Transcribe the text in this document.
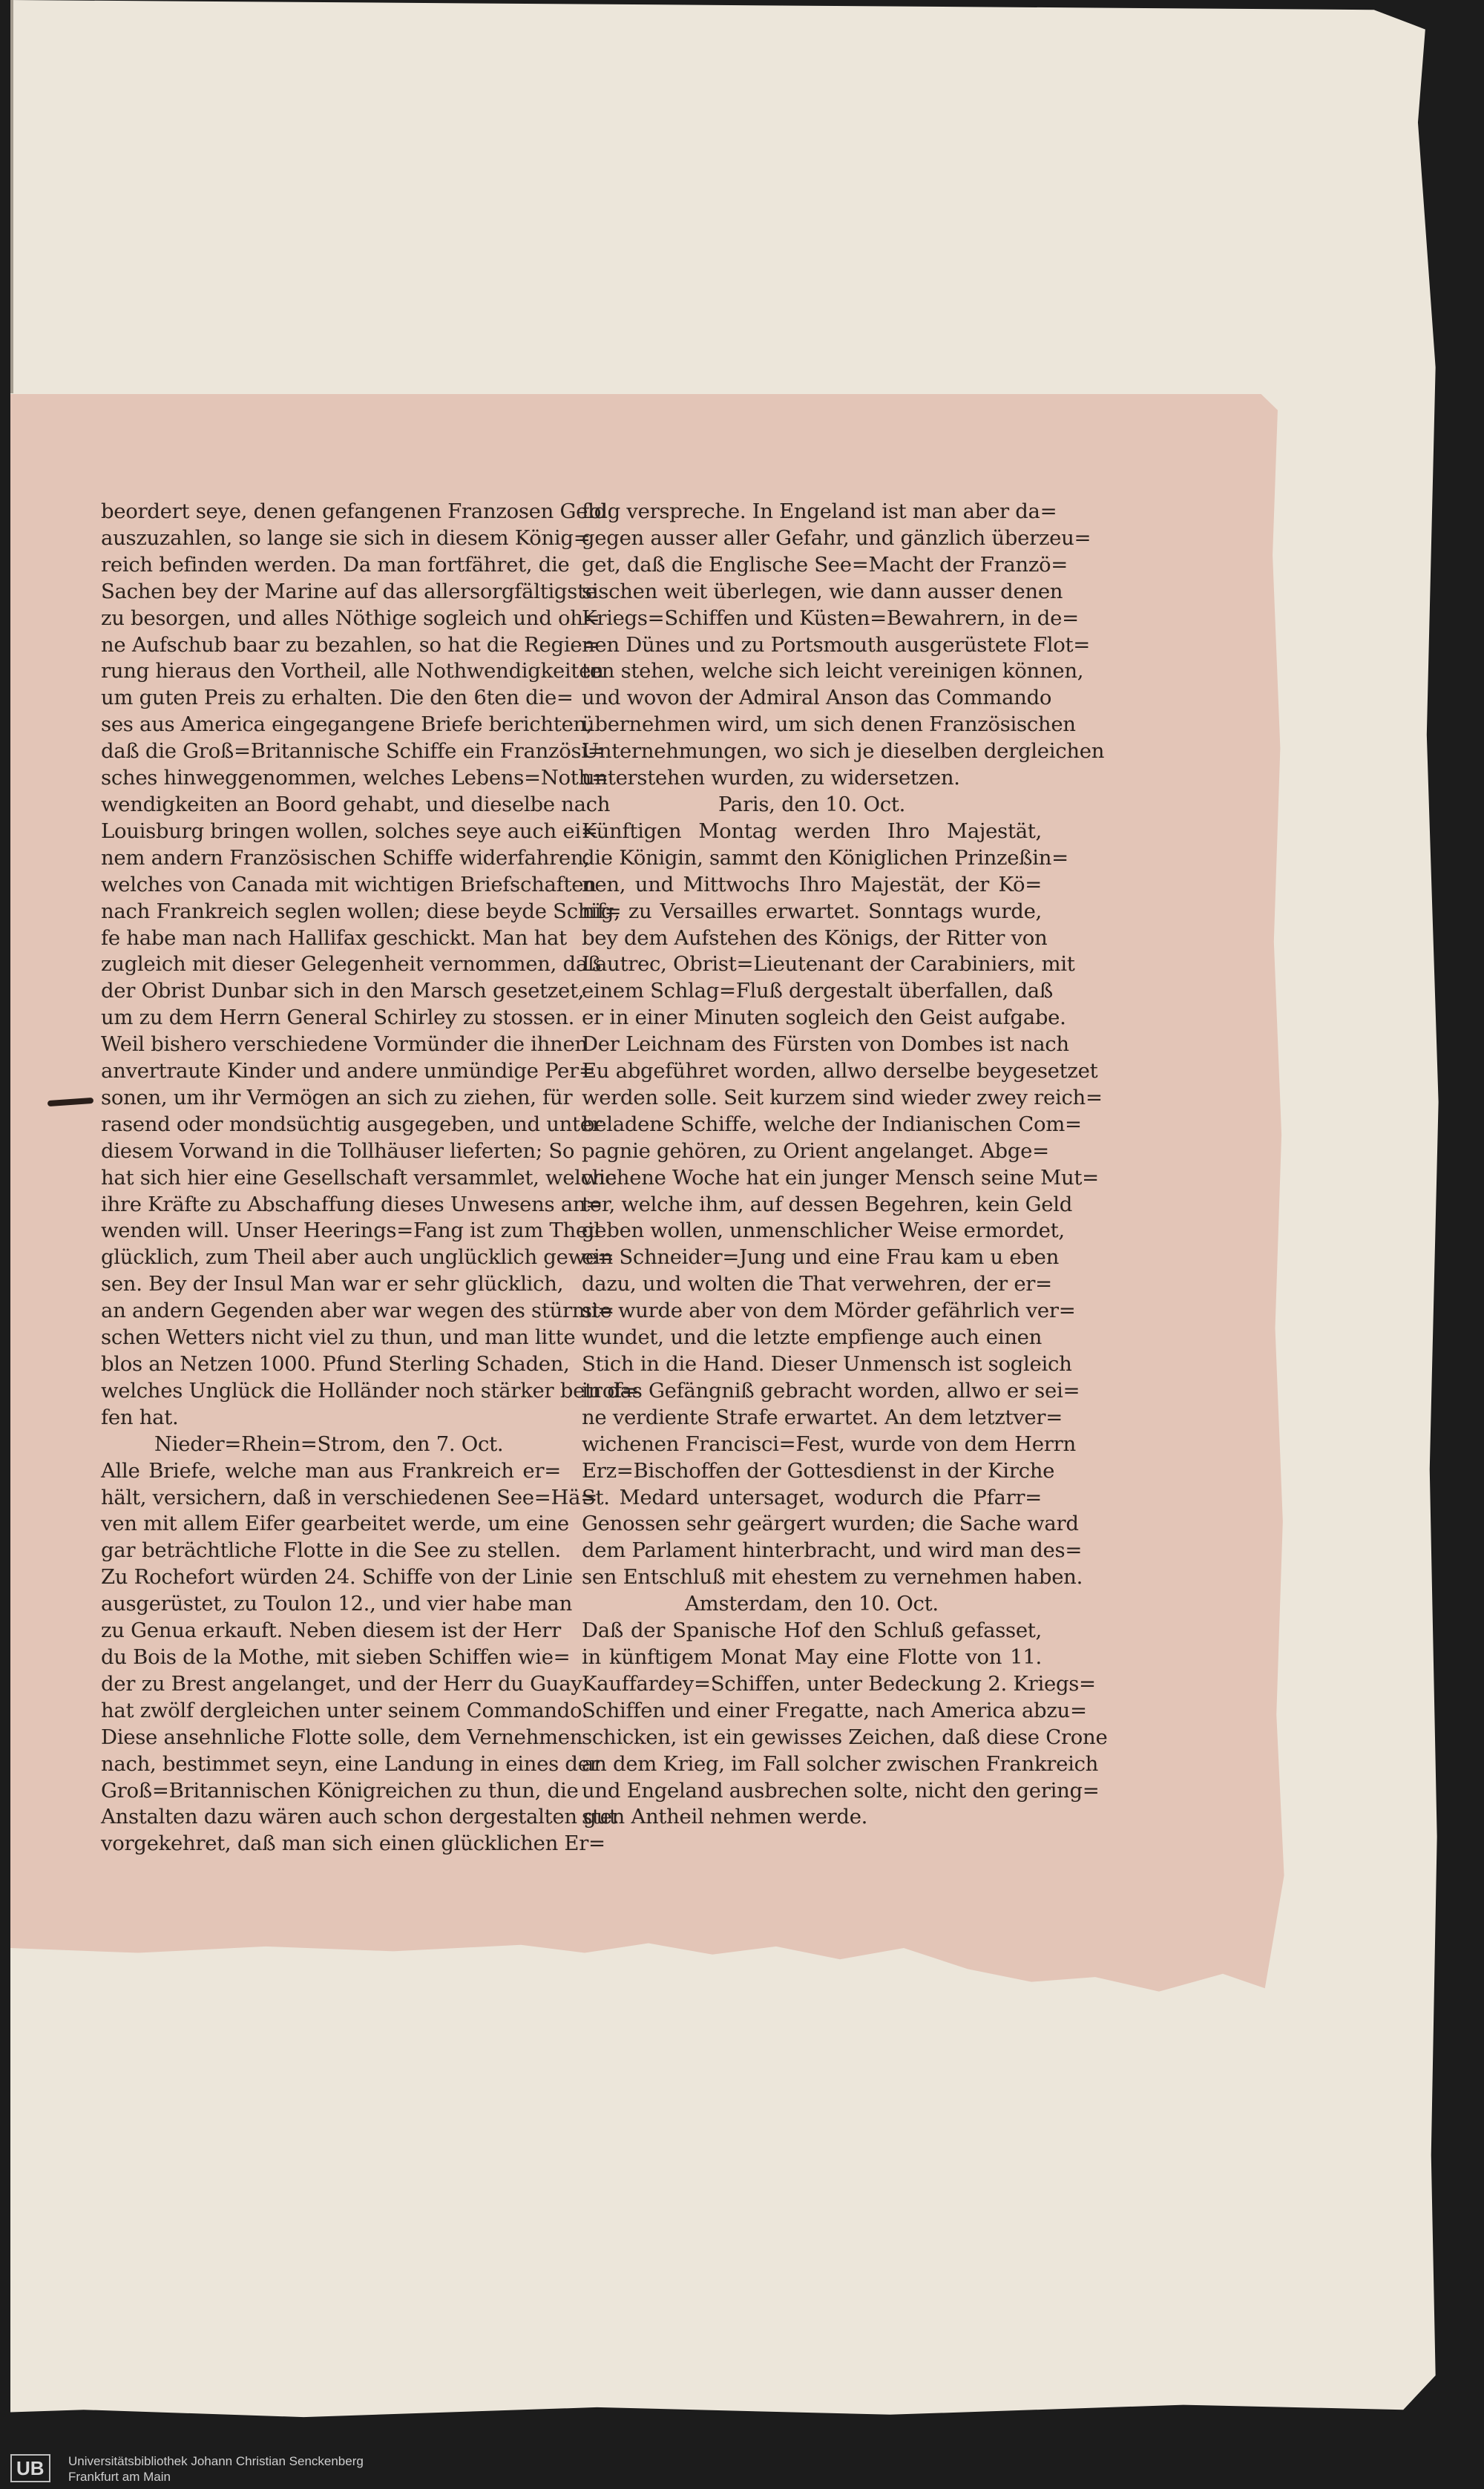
beordert seye, denen gefangenen Franzosen Geld
auszuzahlen, so lange sie sich in diesem König=
reich befinden werden. Da man fortfähret, die
Sachen bey der Marine auf das allersorgfältigste
zu besorgen, und alles Nöthige sogleich und oh=
ne Aufschub baar zu bezahlen, so hat die Regie=
rung hieraus den Vortheil, alle Nothwendigkeiten
um guten Preis zu erhalten. Die den 6ten die=
ses aus America eingegangene Briefe berichten,
daß die Groß=Britannische Schiffe ein Französi=
sches hinweggenommen, welches Lebens=Noth=
wendigkeiten an Boord gehabt, und dieselbe nach
Louisburg bringen wollen, solches seye auch ei=
nem andern Französischen Schiffe widerfahren,
welches von Canada mit wichtigen Briefschaften
nach Frankreich seglen wollen; diese beyde Schif=
fe habe man nach Hallifax geschickt. Man hat
zugleich mit dieser Gelegenheit vernommen, daß
der Obrist Dunbar sich in den Marsch gesetzet,
um zu dem Herrn General Schirley zu stossen.
Weil bishero verschiedene Vormünder die ihnen
anvertraute Kinder und andere unmündige Per=
sonen, um ihr Vermögen an sich zu ziehen, für
rasend oder mondsüchtig ausgegeben, und unter
diesem Vorwand in die Tollhäuser lieferten; So
hat sich hier eine Gesellschaft versammlet, welche
ihre Kräfte zu Abschaffung dieses Unwesens an=
wenden will. Unser Heerings=Fang ist zum Theil
glücklich, zum Theil aber auch unglücklich gewe=
sen. Bey der Insul Man war er sehr glücklich,
an andern Gegenden aber war wegen des stürmi=
schen Wetters nicht viel zu thun, und man litte
blos an Netzen 1000. Pfund Sterling Schaden,
welches Unglück die Holländer noch stärker betrof=
fen hat.
Nieder=Rhein=Strom, den 7. Oct.
Alle Briefe, welche man aus Frankreich er=
hält, versichern, daß in verschiedenen See=Hä=
ven mit allem Eifer gearbeitet werde, um eine
gar beträchtliche Flotte in die See zu stellen.
Zu Rochefort würden 24. Schiffe von der Linie
ausgerüstet, zu Toulon 12., und vier habe man
zu Genua erkauft. Neben diesem ist der Herr
du Bois de la Mothe, mit sieben Schiffen wie=
der zu Brest angelanget, und der Herr du Guay
hat zwölf dergleichen unter seinem Commando.
Diese ansehnliche Flotte solle, dem Vernehmen
nach, bestimmet seyn, eine Landung in eines der
Groß=Britannischen Königreichen zu thun, die
Anstalten dazu wären auch schon dergestalten gut
vorgekehret, daß man sich einen glücklichen Er=
folg verspreche. In Engeland ist man aber da=
gegen ausser aller Gefahr, und gänzlich überzeu=
get, daß die Englische See=Macht der Franzö=
sischen weit überlegen, wie dann ausser denen
Kriegs=Schiffen und Küsten=Bewahrern, in de=
nen Dünes und zu Portsmouth ausgerüstete Flot=
ten stehen, welche sich leicht vereinigen können,
und wovon der Admiral Anson das Commando
übernehmen wird, um sich denen Französischen
Unternehmungen, wo sich je dieselben dergleichen
unterstehen wurden, zu widersetzen.
Paris, den 10. Oct.
Künftigen Montag werden Ihro Majestät,
die Königin, sammt den Königlichen Prinzeßin=
nen, und Mittwochs Ihro Majestät, der Kö=
nig, zu Versailles erwartet. Sonntags wurde,
bey dem Aufstehen des Königs, der Ritter von
Lautrec, Obrist=Lieutenant der Carabiniers, mit
einem Schlag=Fluß dergestalt überfallen, daß
er in einer Minuten sogleich den Geist aufgabe.
Der Leichnam des Fürsten von Dombes ist nach
Eu abgeführet worden, allwo derselbe beygesetzet
werden solle. Seit kurzem sind wieder zwey reich=
beladene Schiffe, welche der Indianischen Com=
pagnie gehören, zu Orient angelanget. Abge=
wichene Woche hat ein junger Mensch seine Mut=
ter, welche ihm, auf dessen Begehren, kein Geld
geben wollen, unmenschlicher Weise ermordet,
ein Schneider=Jung und eine Frau kam u eben
dazu, und wolten die That verwehren, der er=
ste wurde aber von dem Mörder gefährlich ver=
wundet, und die letzte empfienge auch einen
Stich in die Hand. Dieser Unmensch ist sogleich
in das Gefängniß gebracht worden, allwo er sei=
ne verdiente Strafe erwartet. An dem letztver=
wichenen Francisci=Fest, wurde von dem Herrn
Erz=Bischoffen der Gottesdienst in der Kirche
St. Medard untersaget, wodurch die Pfarr=
Genossen sehr geärgert wurden; die Sache ward
dem Parlament hinterbracht, und wird man des=
sen Entschluß mit ehestem zu vernehmen haben.
Amsterdam, den 10. Oct.
Daß der Spanische Hof den Schluß gefasset,
in künftigem Monat May eine Flotte von 11.
Kauffardey=Schiffen, unter Bedeckung 2. Kriegs=
Schiffen und einer Fregatte, nach America abzu=
schicken, ist ein gewisses Zeichen, daß diese Crone
an dem Krieg, im Fall solcher zwischen Frankreich
und Engeland ausbrechen solte, nicht den gering=
sten Antheil nehmen werde.
UB	Universitätsbibliothek Johann Christian Senckenberg
Frankfurt am Main
